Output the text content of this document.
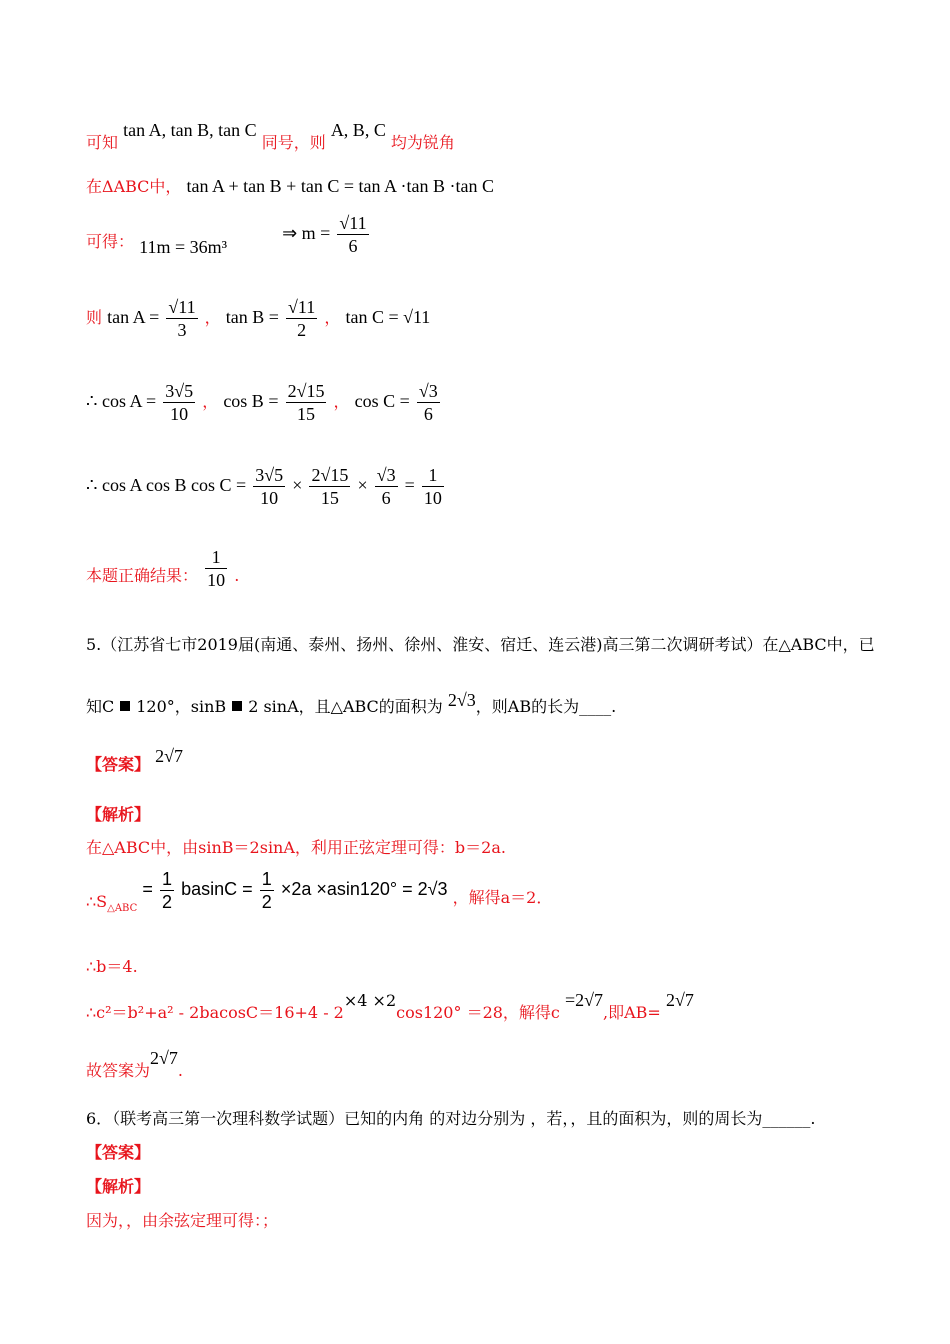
可知 tan A, tan B, tan C 同号，则 A, B, C 均为锐角
在ΔABC中， tan A + tan B + tan C = tan A ·tan B ·tan C
可得： 11m = 36m³ ⇒ $m = \frac{√11}{6}$
则 $\tan A = \frac{√11}{3}$ ， $\tan B = \frac{√11}{2}$ ， tan C = √11
∴ $\cos A = \frac{3√5}{10}$ ， $\cos B = \frac{2√15}{15}$ ， $\cos C = \frac{√3}{6}$
∴ cos A cos B $\cos C = \frac{3√5}{10} \times \frac{2√15}{15} \times \frac{√3}{6} = \frac{1}{10}$
本题正确结果： $\frac{1}{10}$ .
5.（江苏省七市2019届(南通、泰州、扬州、徐州、淮安、宿迁、连云港)高三第二次调研考试）在△ABC中，已
知C 120°，sinB 2 sinA，且△ABC的面积为 2√3，则AB的长为____.
【答案】 2√7
【解析】
在△ABC中，由sinB＝2sinA，利用正弦定理可得：b＝2a.
$\therefore S_{\triangle ABC} = \frac{1}{2}$ $basinC = \frac{1}{2} \times 2a \times asin120^\circ = 2√3$ ，解得a＝2．
∴b＝4.
∴c²＝b²+a² - 2bacosC＝16+4 - 2×4 ×2cos120° ＝28，解得c =2√7,即AB= 2√7
故答案为2√7.
6．（联考高三第一次理科数学试题）已知的内角 的对边分别为 ，若，，且的面积为，则的周长为______.
【答案】
【解析】
因为，，由余弦定理可得：；
